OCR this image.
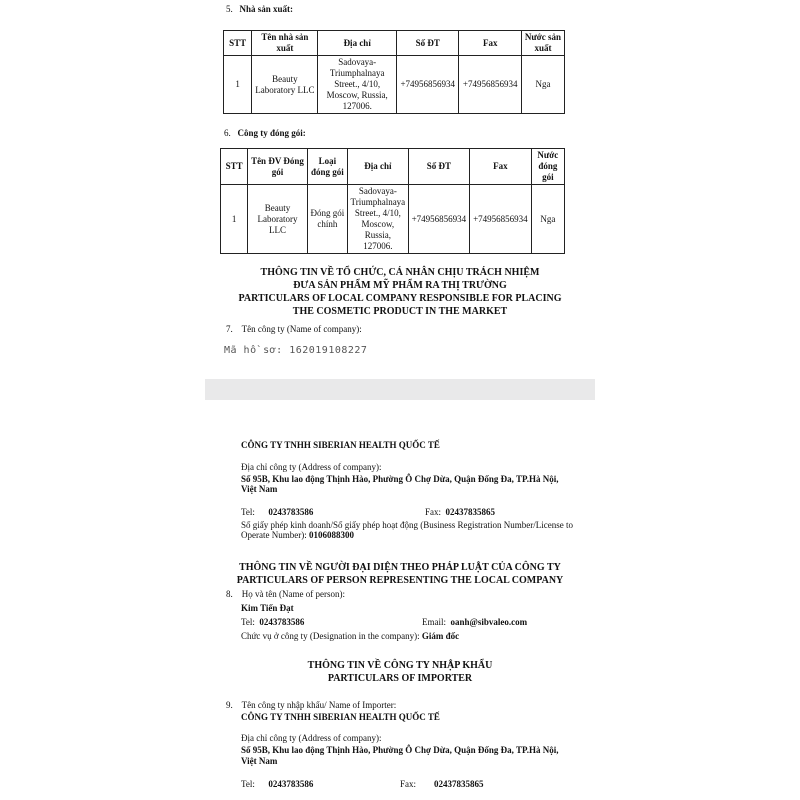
5. Nhà sản xuất:
STT	Tên nhà sản xuất	Địa chỉ	Số ĐT	Fax	Nước sản xuất
1	Beauty Laboratory LLC	Sadovaya-Triumphalnaya Street., 4/10, Moscow, Russia, 127006.	+74956856934	+74956856934	Nga
6. Công ty đóng gói:
STT	Tên ĐV Đóng gói	Loại đóng gói	Địa chỉ	Số ĐT	Fax	Nước đóng gói
1	Beauty Laboratory LLC	Đóng gói chính	Sadovaya-Triumphalnaya Street., 4/10, Moscow, Russia, 127006.	+74956856934	+74956856934	Nga
THÔNG TIN VỀ TỔ CHỨC, CÁ NHÂN CHỊU TRÁCH NHIỆM
ĐƯA SẢN PHẨM MỸ PHẨM RA THỊ TRƯỜNG
PARTICULARS OF LOCAL COMPANY RESPONSIBLE FOR PLACING
THE COSMETIC PRODUCT IN THE MARKET
7. Tên công ty (Name of company):
Mã hồ sơ: 162019108227
CÔNG TY TNHH SIBERIAN HEALTH QUỐC TẾ
Địa chỉ công ty (Address of company):
Số 95B, Khu lao động Thịnh Hào, Phường Ô Chợ Dừa, Quận Đống Đa, TP.Hà Nội,
Việt Nam
Tel: 0243783586	Fax: 02437835865
Số giấy phép kinh doanh/Số giấy phép hoạt động (Business Registration Number/License to
Operate Number): 0106088300
THÔNG TIN VỀ NGƯỜI ĐẠI DIỆN THEO PHÁP LUẬT CỦA CÔNG TY
PARTICULARS OF PERSON REPRESENTING THE LOCAL COMPANY
8. Họ và tên (Name of person):
Kim Tiến Đạt
Tel: 0243783586	Email: oanh@sibvaleo.com
Chức vụ ở công ty (Designation in the company): Giám đốc
THÔNG TIN VỀ CÔNG TY NHẬP KHẨU
PARTICULARS OF IMPORTER
9. Tên công ty nhập khẩu/ Name of Importer:
CÔNG TY TNHH SIBERIAN HEALTH QUỐC TẾ
Địa chỉ công ty (Address of company):
Số 95B, Khu lao động Thịnh Hào, Phường Ô Chợ Dừa, Quận Đống Đa, TP.Hà Nội,
Việt Nam
Tel: 0243783586	Fax: 02437835865
